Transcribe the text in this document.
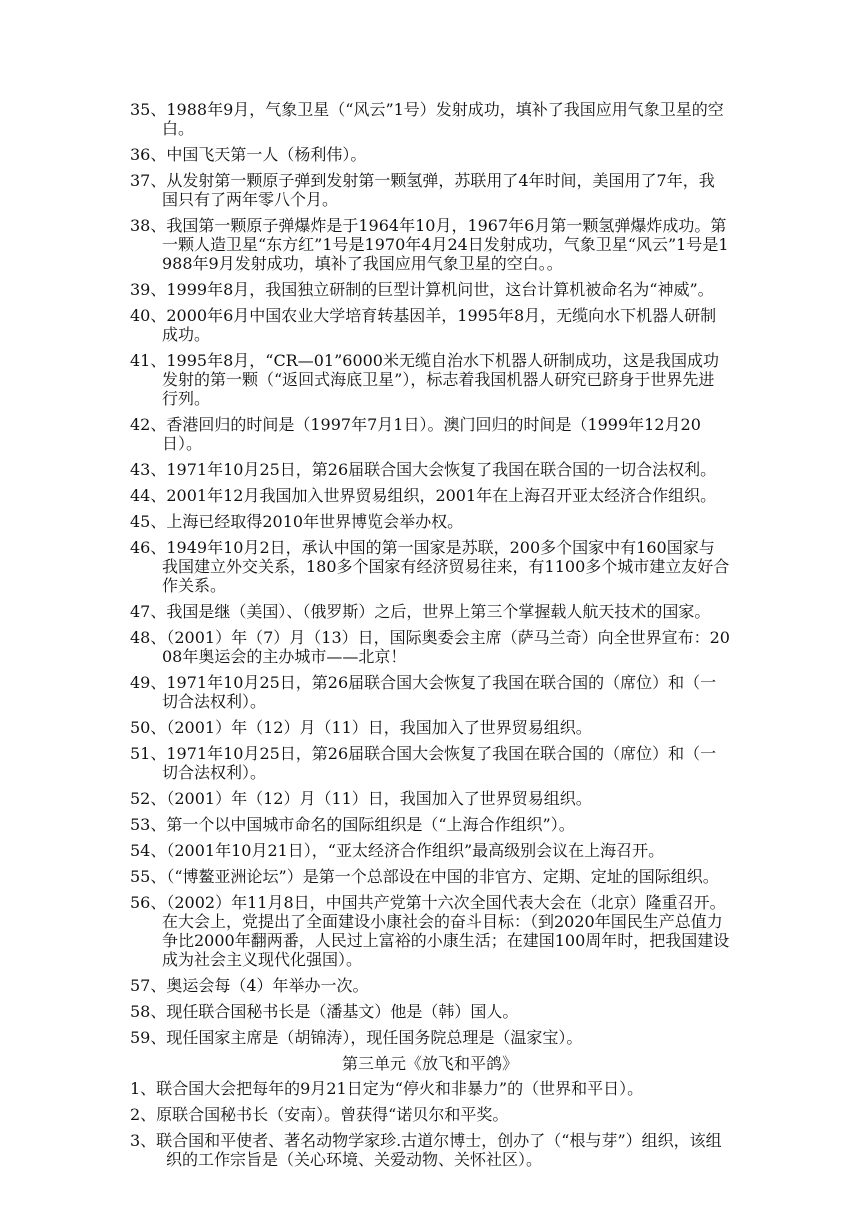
35、1988年9月，气象卫星（“风云”1号）发射成功，填补了我国应用气象卫星的空白。
36、中国飞天第一人（杨利伟）。
37、从发射第一颗原子弹到发射第一颗氢弹，苏联用了4年时间，美国用了7年，我国只有了两年零八个月。
38、我国第一颗原子弹爆炸是于1964年10月，1967年6月第一颗氢弹爆炸成功。第一颗人造卫星“东方红”1号是1970年4月24日发射成功，气象卫星“风云”1号是1988年9月发射成功，填补了我国应用气象卫星的空白。。
39、1999年8月，我国独立研制的巨型计算机问世，这台计算机被命名为“神威”。
40、2000年6月中国农业大学培育转基因羊，1995年8月，无缆向水下机器人研制成功。
41、1995年8月，“CR—01”6000米无缆自治水下机器人研制成功，这是我国成功发射的第一颗（“返回式海底卫星”），标志着我国机器人研究已跻身于世界先进行列。
42、香港回归的时间是（1997年7月1日）。澳门回归的时间是（1999年12月20日）。
43、1971年10月25日，第26届联合国大会恢复了我国在联合国的一切合法权利。
44、2001年12月我国加入世界贸易组织，2001年在上海召开亚太经济合作组织。
45、上海已经取得2010年世界博览会举办权。
46、1949年10月2日，承认中国的第一国家是苏联，200多个国家中有160国家与我国建立外交关系，180多个国家有经济贸易往来，有1100多个城市建立友好合作关系。
47、我国是继（美国）、（俄罗斯）之后，世界上第三个掌握载人航天技术的国家。
48、（2001）年（7）月（13）日，国际奥委会主席（萨马兰奇）向全世界宣布：2008年奥运会的主办城市——北京！
49、1971年10月25日，第26届联合国大会恢复了我国在联合国的（席位）和（一切合法权利）。
50、（2001）年（12）月（11）日，我国加入了世界贸易组织。
51、1971年10月25日，第26届联合国大会恢复了我国在联合国的（席位）和（一切合法权利）。
52、（2001）年（12）月（11）日，我国加入了世界贸易组织。
53、第一个以中国城市命名的国际组织是（“上海合作组织”）。
54、（2001年10月21日），“亚太经济合作组织”最高级别会议在上海召开。
55、（“博鳌亚洲论坛”）是第一个总部设在中国的非官方、定期、定址的国际组织。
56、（2002）年11月8日，中国共产党第十六次全国代表大会在（北京）隆重召开。在大会上，党提出了全面建设小康社会的奋斗目标：（到2020年国民生产总值力争比2000年翻两番，人民过上富裕的小康生活；在建国100周年时，把我国建设成为社会主义现代化强国）。
57、奥运会每（4）年举办一次。
58、现任联合国秘书长是（潘基文）他是（韩）国人。
59、现任国家主席是（胡锦涛），现任国务院总理是（温家宝）。
第三单元《放飞和平鸽》
1、联合国大会把每年的9月21日定为“停火和非暴力”的（世界和平日）。
2、原联合国秘书长（安南）。曾获得“诺贝尔和平奖。
3、联合国和平使者、著名动物学家珍.古道尔博士，创办了（“根与芽”）组织，该组织的工作宗旨是（关心环境、关爱动物、关怀社区）。
